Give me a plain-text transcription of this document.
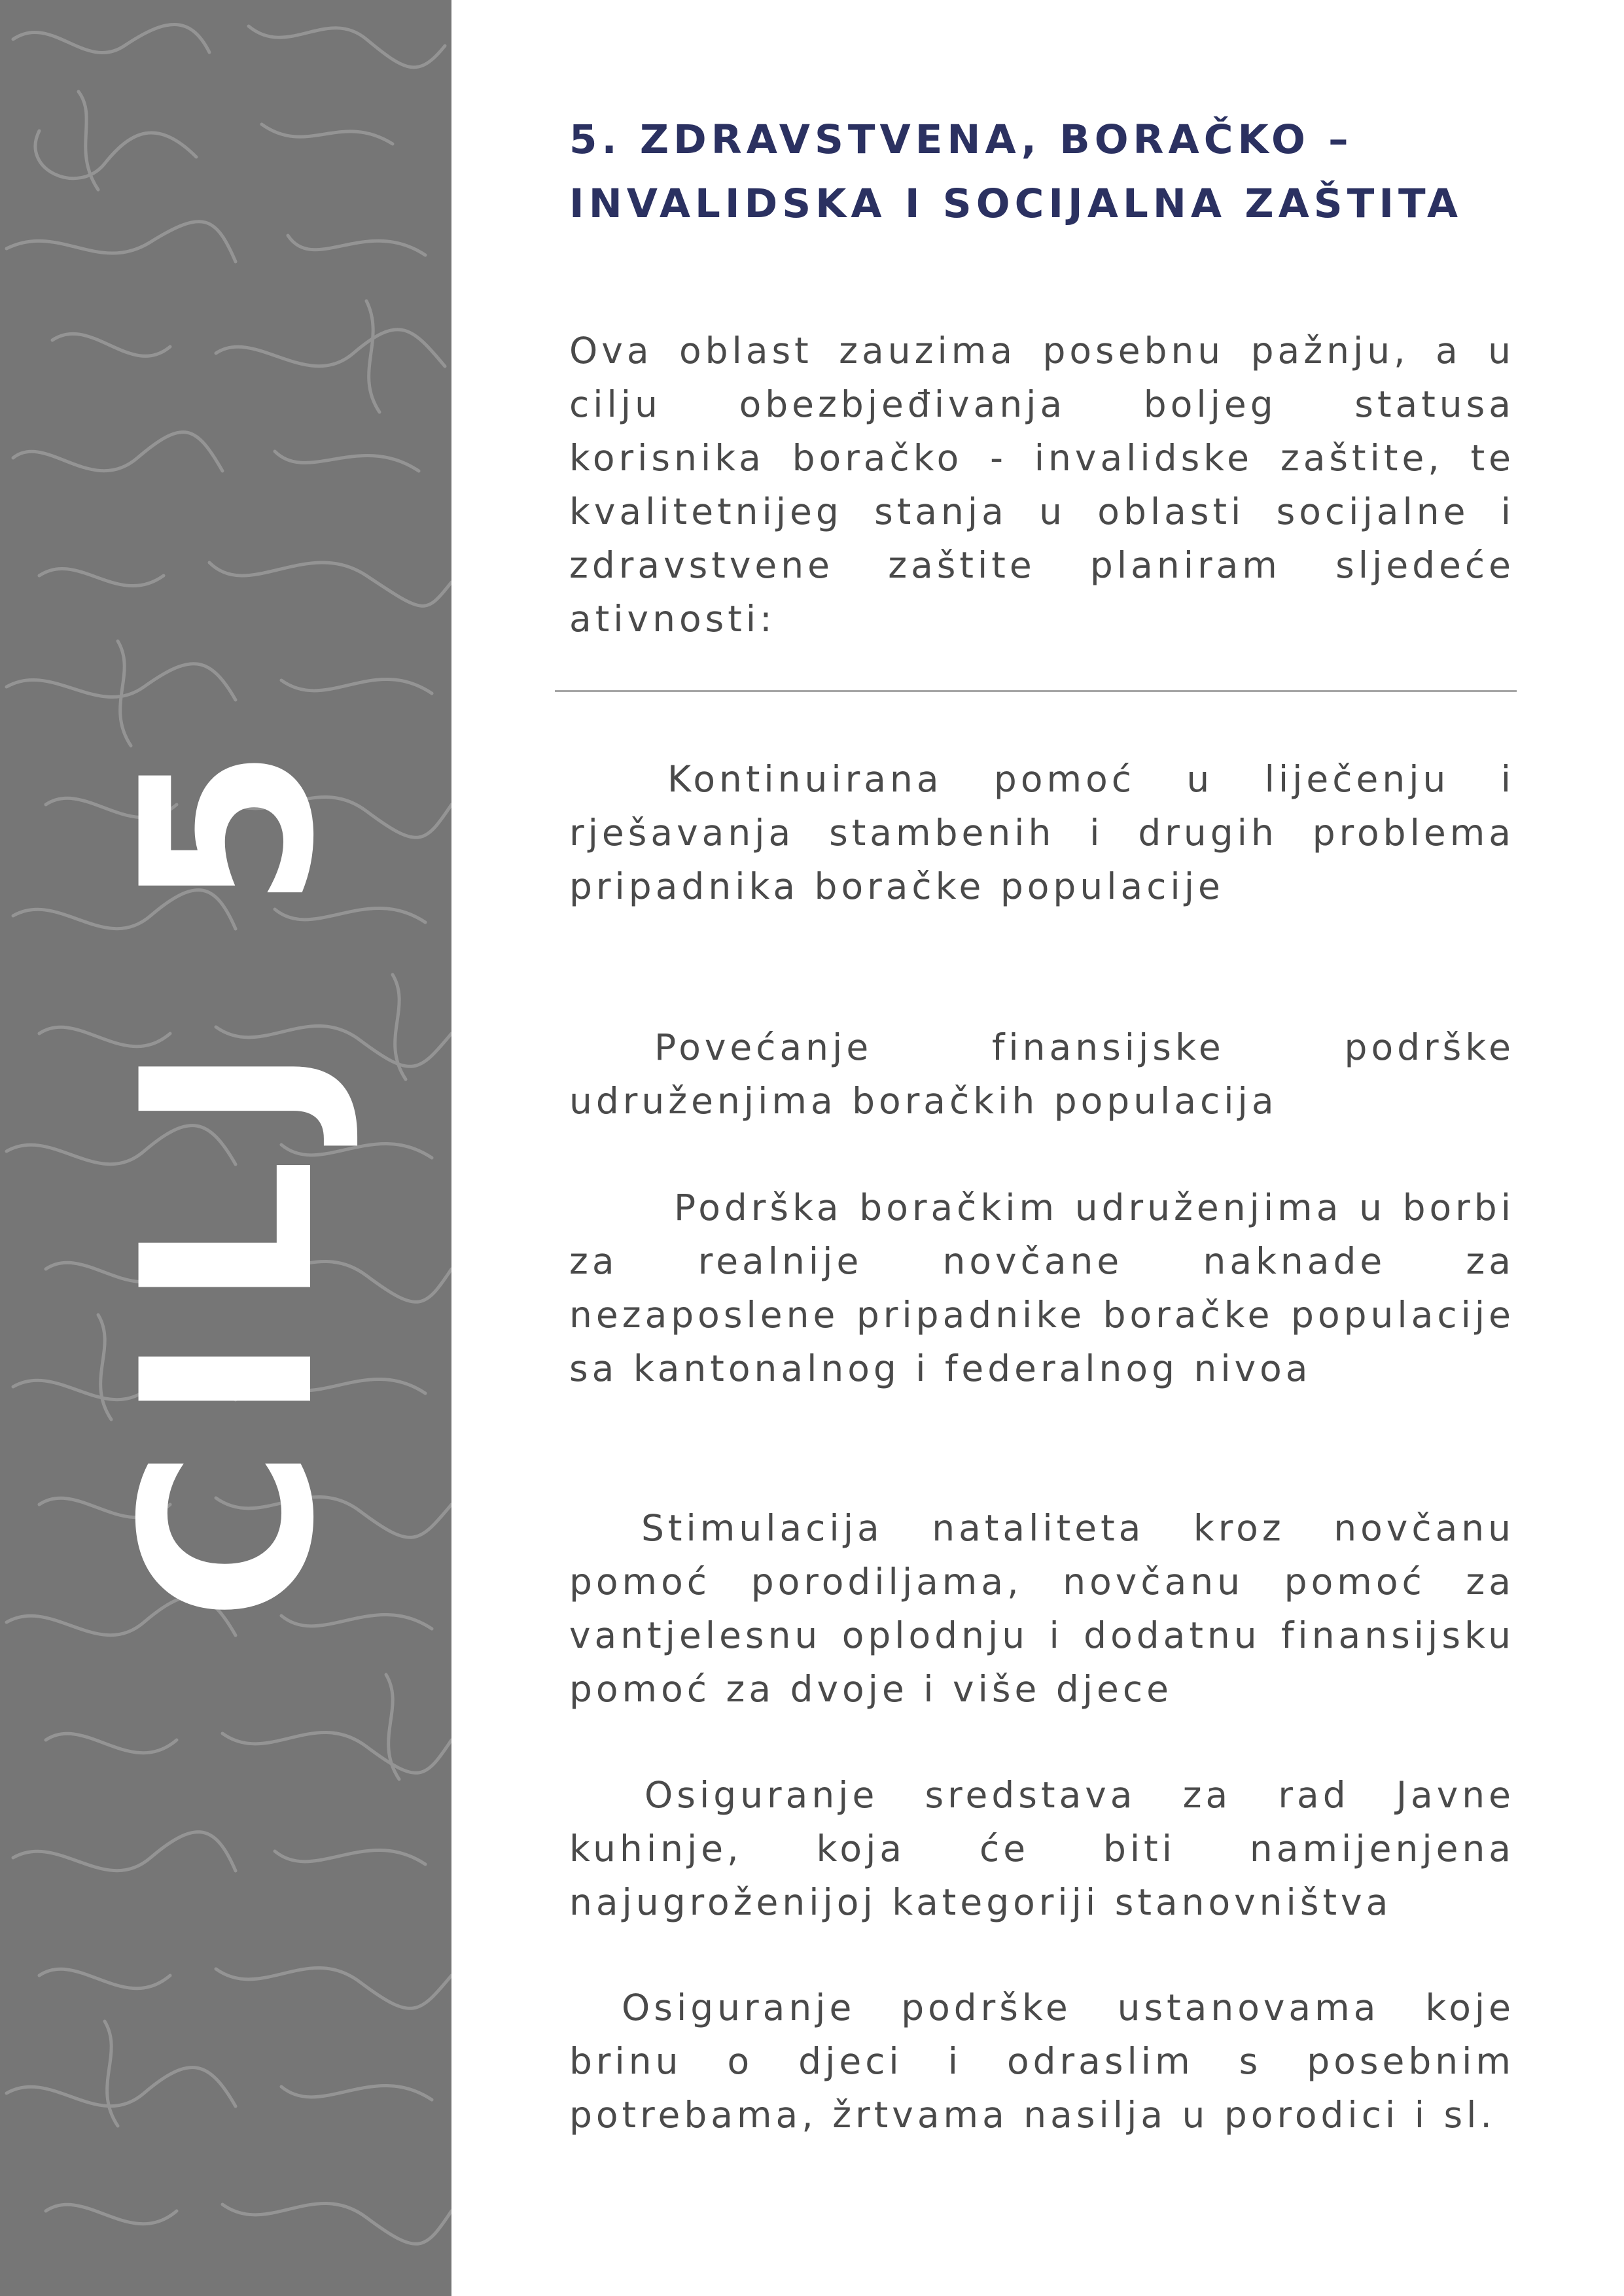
CILJ 5
5. ZDRAVSTVENA, BORAČKO –
INVALIDSKA I SOCIJALNA ZAŠTITA

Ova oblast zauzima posebnu pažnju, a u cilju obezbjeđivanja boljeg statusa korisnika boračko - invalidske zaštite, te kvalitetnijeg stanja u oblasti socijalne i zdravstvene zaštite planiram sljedeće ativnosti:

Kontinuirana pomoć u liječenju i rješavanja stambenih i drugih problema pripadnika boračke populacije

Povećanje finansijske podrške udruženjima boračkih populacija

Podrška boračkim udruženjima u borbi za realnije novčane naknade za nezaposlene pripadnike boračke populacije sa kantonalnog i federalnog nivoa

Stimulacija nataliteta kroz novčanu pomoć porodiljama, novčanu pomoć za vantjelesnu oplodnju i dodatnu finansijsku pomoć za dvoje i više djece

Osiguranje sredstava za rad Javne kuhinje, koja će biti namijenjena najugroženijoj kategoriji stanovništva

Osiguranje podrške ustanovama koje brinu o djeci i odraslim s posebnim potrebama, žrtvama nasilja u porodici i sl.
